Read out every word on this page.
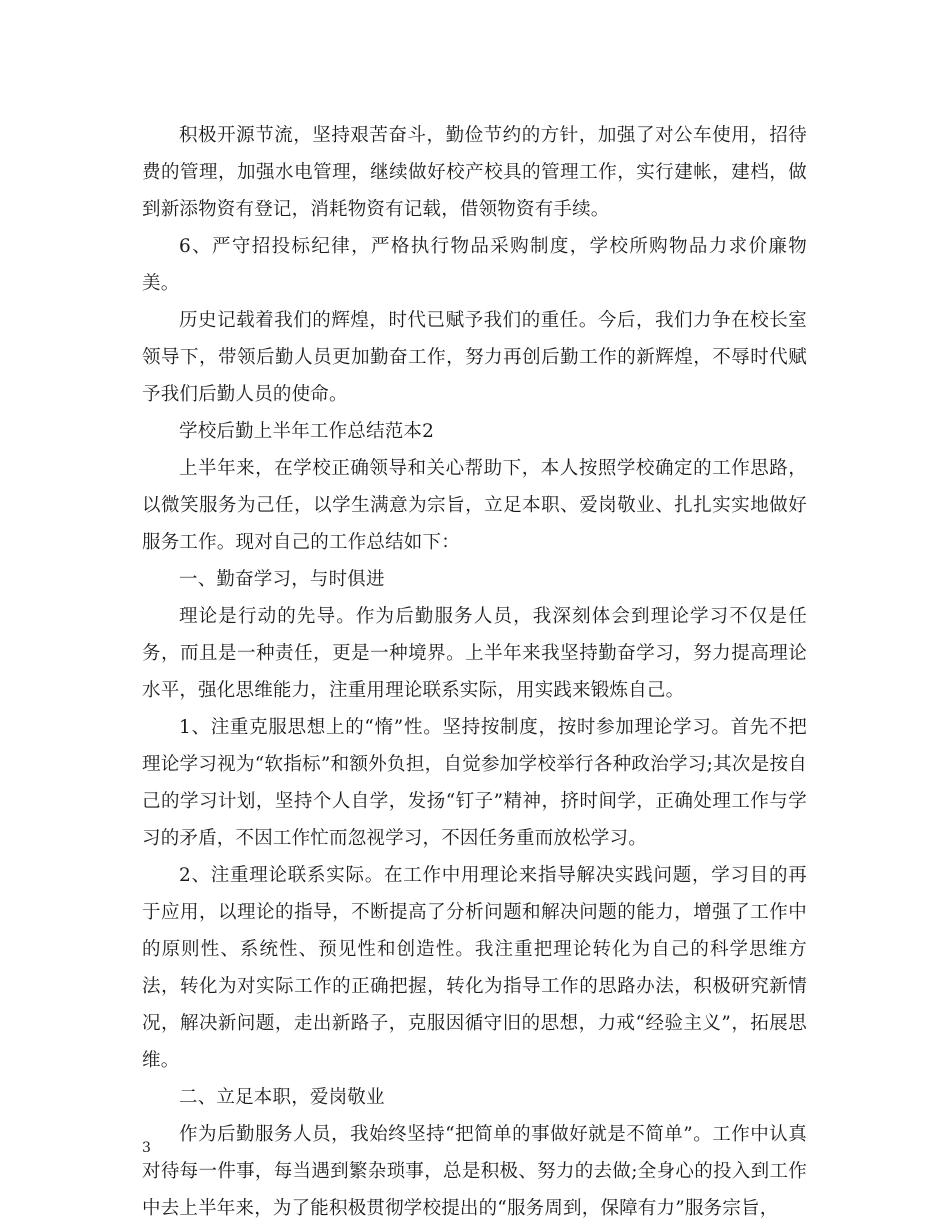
积极开源节流，坚持艰苦奋斗，勤俭节约的方针，加强了对公车使用，招待费的管理，加强水电管理，继续做好校产校具的管理工作，实行建帐，建档，做到新添物资有登记，消耗物资有记载，借领物资有手续。

6、严守招投标纪律，严格执行物品采购制度，学校所购物品力求价廉物美。

历史记载着我们的辉煌，时代已赋予我们的重任。今后，我们力争在校长室领导下，带领后勤人员更加勤奋工作，努力再创后勤工作的新辉煌，不辱时代赋予我们后勤人员的使命。

学校后勤上半年工作总结范本2

上半年来，在学校正确领导和关心帮助下，本人按照学校确定的工作思路，以微笑服务为己任，以学生满意为宗旨，立足本职、爱岗敬业、扎扎实实地做好服务工作。现对自己的工作总结如下：

一、勤奋学习，与时俱进

理论是行动的先导。作为后勤服务人员，我深刻体会到理论学习不仅是任务，而且是一种责任，更是一种境界。上半年来我坚持勤奋学习，努力提高理论水平，强化思维能力，注重用理论联系实际，用实践来锻炼自己。

1、注重克服思想上的“惰”性。坚持按制度，按时参加理论学习。首先不把理论学习视为“软指标”和额外负担，自觉参加学校举行各种政治学习;其次是按自己的学习计划，坚持个人自学，发扬“钉子”精神，挤时间学，正确处理工作与学习的矛盾，不因工作忙而忽视学习，不因任务重而放松学习。

2、注重理论联系实际。在工作中用理论来指导解决实践问题，学习目的再于应用，以理论的指导，不断提高了分析问题和解决问题的能力，增强了工作中的原则性、系统性、预见性和创造性。我注重把理论转化为自己的科学思维方法，转化为对实际工作的正确把握，转化为指导工作的思路办法，积极研究新情况，解决新问题，走出新路子，克服因循守旧的思想，力戒“经验主义”，拓展思维。

二、立足本职，爱岗敬业

作为后勤服务人员，我始终坚持“把简单的事做好就是不简单”。工作中认真对待每一件事，每当遇到繁杂琐事，总是积极、努力的去做;全身心的投入到工作中去上半年来，为了能积极贯彻学校提出的“服务周到，保障有力”服务宗旨，

3
